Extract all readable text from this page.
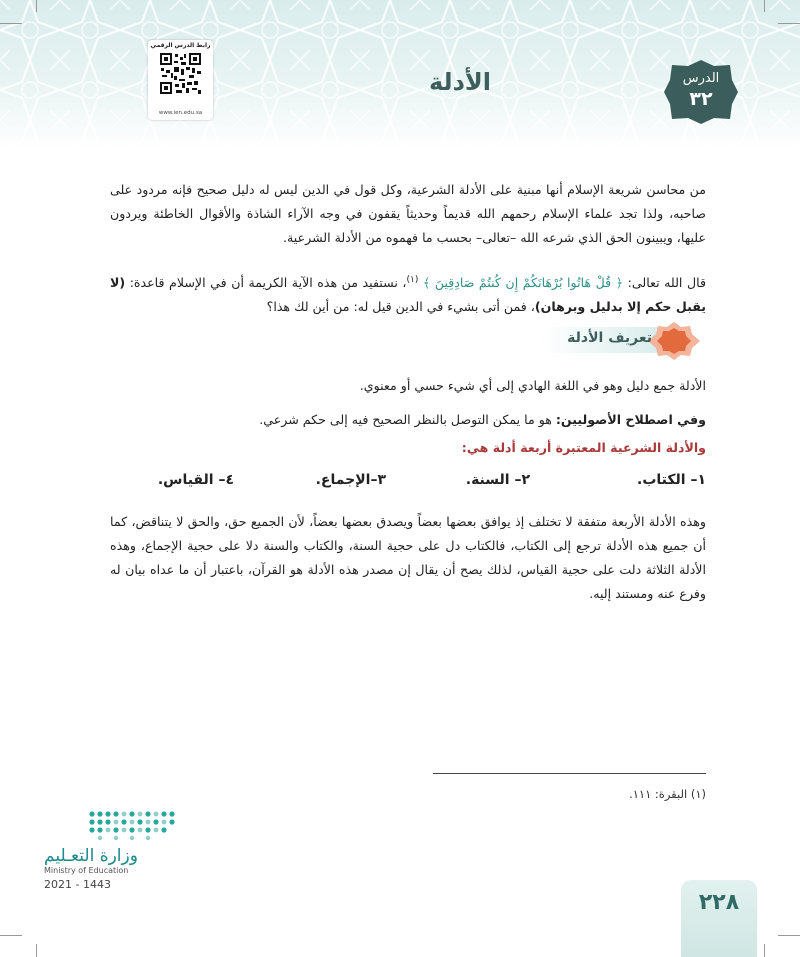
رابط الدرس الرقمي
www.ien.edu.sa
الأدلة	الدرس
٣٢
من محاسن شريعة الإسلام أنها مبنية على الأدلة الشرعية، وكل قول في الدين ليس له دليل صحيح فإنه مردود على صاحبه، ولذا تجد علماء الإسلام رحمهم الله قديماً وحديثاً يقفون في وجه الآراء الشاذة والأقوال الخاطئة ويردون عليها، ويبينون الحق الذي شرعه الله –تعالى– بحسب ما فهموه من الأدلة الشرعية.
قال الله تعالى: ﴿ قُلْ هَاتُوا بُرْهَانَكُمْ إِن كُنتُمْ صَادِقِينَ ﴾ $^{(١)}$، نستفيد من هذه الآية الكريمة أن في الإسلام قاعدة: (لا يقبل حكم إلا بدليل وبرهان)، فمن أتى بشيء في الدين قيل له: من أين لك هذا؟
تعريف الأدلة
الأدلة جمع دليل وهو في اللغة الهادي إلى أي شيء حسي أو معنوي.
وفي اصطلاح الأصوليين: هو ما يمكن التوصل بالنظر الصحيح فيه إلى حكم شرعي.
والأدلة الشرعية المعتبرة أربعة أدلة هي:
١– الكتاب.
٢– السنة.
٣–الإجماع.
٤– القياس.
وهذه الأدلة الأربعة متفقة لا تختلف إذ يوافق بعضها بعضاً ويصدق بعضها بعضاً، لأن الجميع حق، والحق لا يتناقض، كما أن جميع هذه الأدلة ترجع إلى الكتاب، فالكتاب دل على حجية السنة، والكتاب والسنة دلا على حجية الإجماع، وهذه الأدلة الثلاثة دلت على حجية القياس، لذلك يصح أن يقال إن مصدر هذه الأدلة هو القرآن، باعتبار أن ما عداه بيان له وفرع عنه ومستند إليه.
(١) البقرة: ١١١.
وزارة التعـليم
Ministry of Education
2021 - 1443
٢٢٨
